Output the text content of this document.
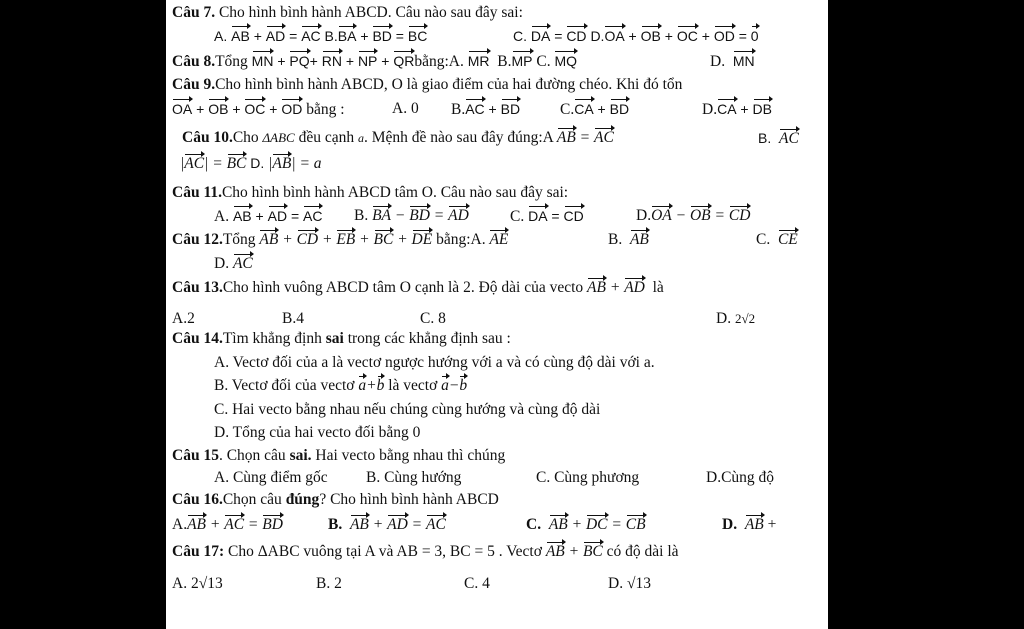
Câu 7. Cho hình bình hành ABCD. Câu nào sau đây sai:
A. AB + AD = AC B.BA + BD = BC	C. DA = CD D.OA + OB + OC + OD = 0
Câu 8.Tổng MN + PQ+ RN + NP + QRbằng:A. MR B.MP C. MQ	D. MN
Câu 9.Cho hình bình hành ABCD, O là giao điểm của hai đường chéo. Khi đó tổn
OA + OB + OC + OD bằng :	A. 0 B.AC + BD	C.CA + BD	D.CA + DB
Câu 10.Cho ΔABC đều cạnh $^a$. Mệnh đề nào sau đây đúng:A AB = AC	B. AC
|AC| = BC D. |AB| = a
Câu 11.Cho hình bình hành ABCD tâm O. Câu nào sau đây sai:
A. AB + AD = AC B. BA − BD = AD	C. DA = CD	D.OA − OB = CD
Câu 12.Tổng AB + CD + EB + BC + DE bằng:A. AE	B. AB	C. CE
D. AC
Câu 13.Cho hình vuông ABCD tâm O cạnh là 2. Độ dài của vecto AB + AD là
A.2	B.4	C. 8	D. 2√2
Câu 14.Tìm khẳng định sai trong các khẳng định sau :
A. Vectơ đối của a là vectơ ngược hướng với a và có cùng độ dài với a.
B. Vectơ đối của vectơ a+b là vectơ a−b
C. Hai vecto bằng nhau nếu chúng cùng hướng và cùng độ dài
D. Tổng của hai vecto đối bằng 0
Câu 15. Chọn câu sai. Hai vecto bằng nhau thì chúng
A. Cùng điểm gốc B. Cùng hướng	C. Cùng phương	D.Cùng độ
Câu 16.Chọn câu đúng? Cho hình bình hành ABCD
A.AB + AC = BD	B. AB + AD = AC	C. AB + DC = CB	D. AB +
Câu 17: Cho ΔABC vuông tại A và AB = 3, BC = 5 . Vectơ AB + BC có độ dài là
A. 2√13	B. 2	C. 4	D. √13
